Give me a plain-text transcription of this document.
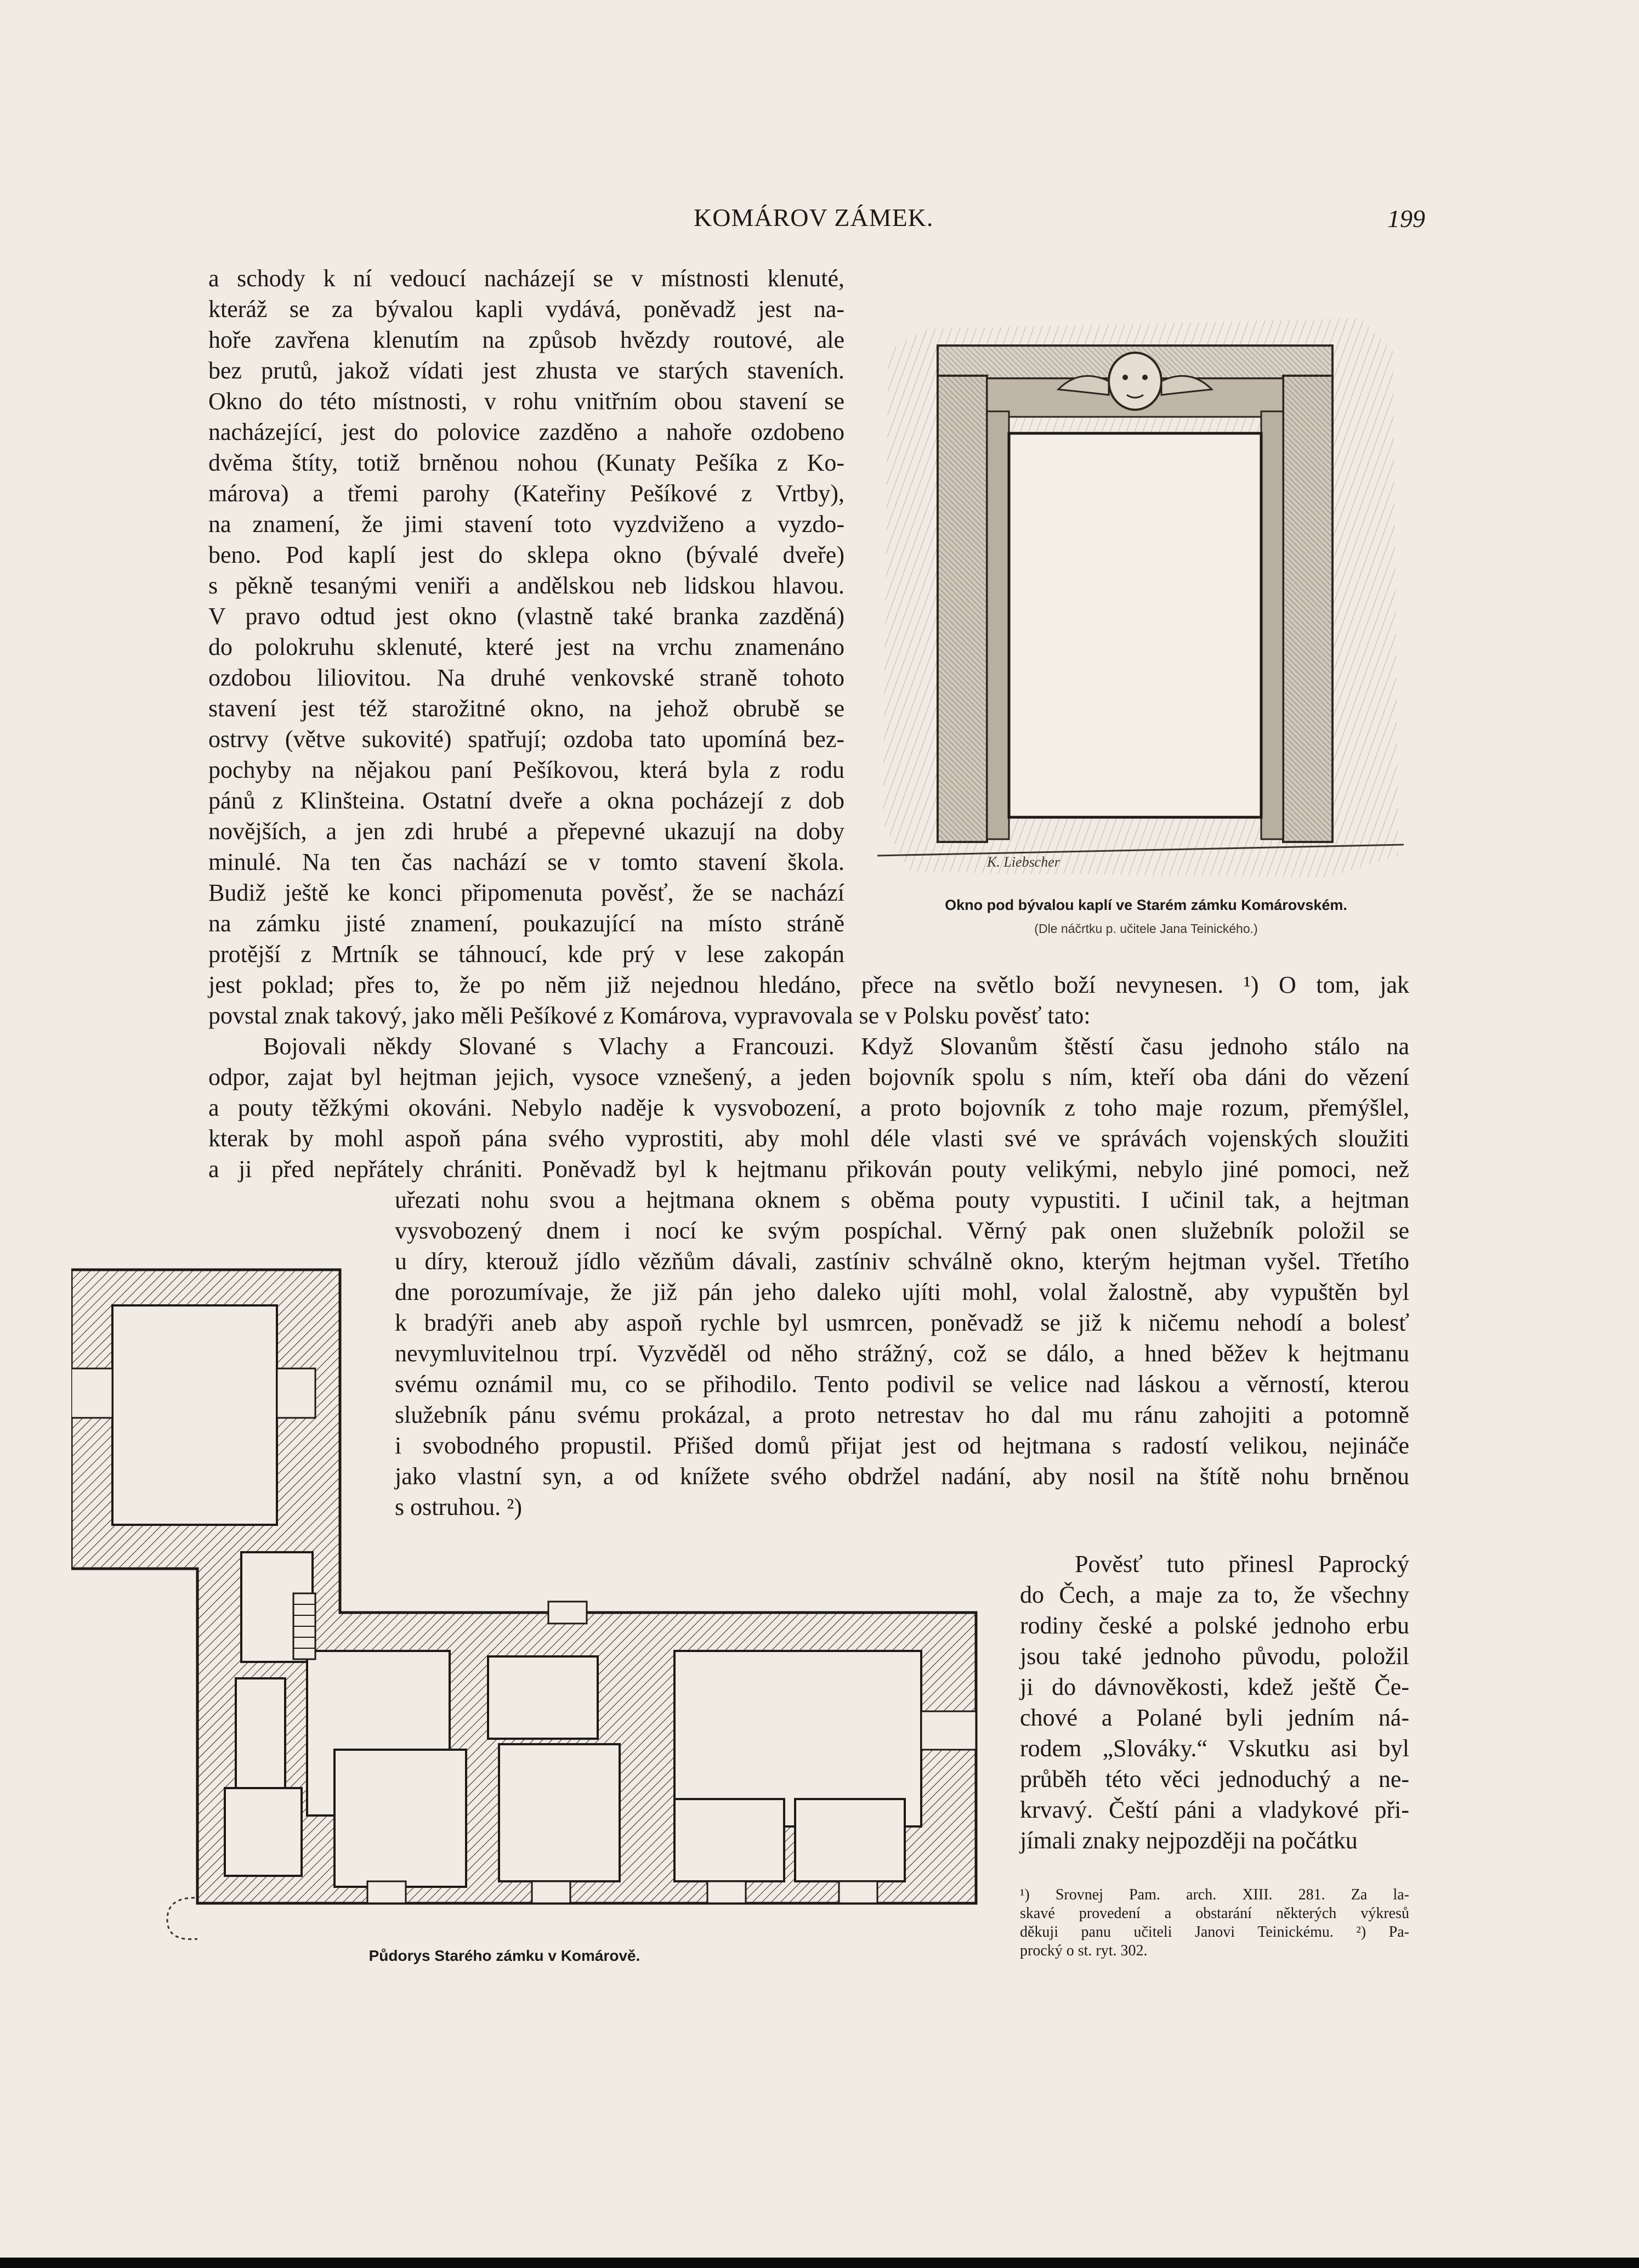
KOMÁROV ZÁMEK.	199
a schody k ní vedoucí nacházejí se v místnosti klenuté,
kteráž se za bývalou kapli vydává, poněvadž jest na-
hoře zavřena klenutím na způsob hvězdy routové, ale
bez prutů, jakož vídati jest zhusta ve starých staveních.
Okno do této místnosti, v rohu vnitřním obou stavení se
nacházející, jest do polovice zazděno a nahoře ozdobeno
dvěma štíty, totiž brněnou nohou (Kunaty Pešíka z Ko-
márova) a třemi parohy (Kateřiny Pešíkové z Vrtby),
na znamení, že jimi stavení toto vyzdviženo a vyzdo-
beno. Pod kaplí jest do sklepa okno (bývalé dveře)
s pěkně tesanými veniři a andělskou neb lidskou hlavou.
V pravo odtud jest okno (vlastně také branka zazděná)
do polokruhu sklenuté, které jest na vrchu znamenáno
ozdobou liliovitou. Na druhé venkovské straně tohoto
stavení jest též starožitné okno, na jehož obrubě se
ostrvy (větve sukovité) spatřují; ozdoba tato upomíná bez-
pochyby na nějakou paní Pešíkovou, která byla z rodu
pánů z Klinšteina. Ostatní dveře a okna pocházejí z dob
novějších, a jen zdi hrubé a přepevné ukazují na doby
minulé. Na ten čas nachází se v tomto stavení škola.
Budiž ještě ke konci připomenuta pověsť, že se nachází
na zámku jisté znamení, poukazující na místo stráně
protější z Mrtník se táhnoucí, kde prý v lese zakopán
jest poklad; přes to, že po něm již nejednou hledáno, přece na světlo boží nevynesen. ¹) O tom, jak
povstal znak takový, jako měli Pešíkové z Komárova, vypravovala se v Polsku pověsť tato:
Bojovali někdy Slované s Vlachy a Francouzi. Když Slovanům štěstí času jednoho stálo na
odpor, zajat byl hejtman jejich, vysoce vznešený, a jeden bojovník spolu s ním, kteří oba dáni do vězení
a pouty těžkými okováni. Nebylo naděje k vysvobození, a proto bojovník z toho maje rozum, přemýšlel,
kterak by mohl aspoň pána svého vyprostiti, aby mohl déle vlasti své ve správách vojenských sloužiti
a ji před nepřátely chrániti. Poněvadž byl k hejtmanu přikován pouty velikými, nebylo jiné pomoci, než
uřezati nohu svou a hejtmana oknem s oběma pouty vypustiti. I učinil tak, a hejtman
vysvobozený dnem i nocí ke svým pospíchal. Věrný pak onen služebník položil se
u díry, kterouž jídlo vězňům dávali, zastíniv schválně okno, kterým hejtman vyšel. Třetího
dne porozumívaje, že již pán jeho daleko ujíti mohl, volal žalostně, aby vypuštěn byl
k bradýři aneb aby aspoň rychle byl usmrcen, poněvadž se již k ničemu nehodí a bolesť
nevymluvitelnou trpí. Vyzvěděl od něho strážný, což se dálo, a hned běžev k hejtmanu
svému oznámil mu, co se přihodilo. Tento podivil se velice nad láskou a věrností, kterou
služebník pánu svému prokázal, a proto netrestav ho dal mu ránu zahojiti a potomně
i svobodného propustil. Přišed domů přijat jest od hejtmana s radostí velikou, nejináče
jako vlastní syn, a od knížete svého obdržel nadání, aby nosil na štítě nohu brněnou
s ostruhou. ²)
Pověsť tuto přinesl Paprocký
do Čech, a maje za to, že všechny
rodiny české a polské jednoho erbu
jsou také jednoho původu, položil
ji do dávnověkosti, kdež ještě Če-
chové a Polané byli jedním ná-
rodem „Slováky.“ Vskutku asi byl
průběh této věci jednoduchý a ne-
krvavý. Čeští páni a vladykové při-
jímali znaky nejpozději na počátku
¹) Srovnej Pam. arch. XIII. 281. Za la-
skavé provedení a obstarání některých výkresů
děkuji panu učiteli Janovi Teinickému. ²) Pa-
procký o st. ryt. 302.
K. Liebscher
Okno pod bývalou kaplí ve Starém zámku Komárovském.
(Dle náčrtku p. učitele Jana Teinického.)
Půdorys Starého zámku v Komárově.
